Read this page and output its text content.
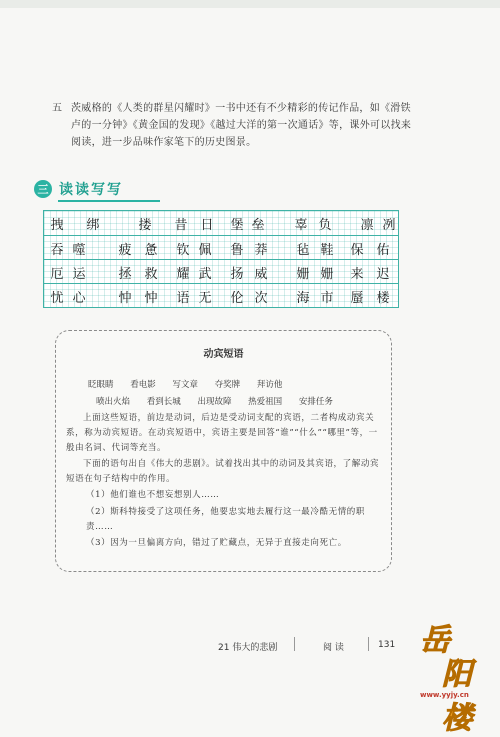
五 茨威格的《人类的群星闪耀时》一书中还有不少精彩的传记作品，如《滑铁卢的一分钟》《黄金国的发现》《越过大洋的第一次通话》等，课外可以找来阅读，进一步品味作家笔下的历史图景。
三 读读写写
拽 绑	搂 昔 日 堡 垒 辜 负 凛 冽
吞 噬	疲 惫 钦 佩 鲁 莽 毡 鞋 保 佑
厄 运	拯 救 耀 武 扬 威 姗 姗 来 迟
忧 心	忡 忡 语 无 伦 次 海 市 蜃 楼
动宾短语
眨眼睛 看电影 写文章 夺奖牌 拜访他
喷出火焰 看到长城 出现故障 热爱祖国 安排任务
上面这些短语，前边是动词，后边是受动词支配的宾语，二者构成动宾关系，称为动宾短语。在动宾短语中，宾语主要是回答“谁”“什么”“哪里”等，一般由名词、代词等充当。
下面的语句出自《伟大的悲剧》。试着找出其中的动词及其宾语，了解动宾短语在句子结构中的作用。
（1）他们谁也不想妄想别人……
（2）斯科特接受了这项任务，他要忠实地去履行这一最冷酷无情的职责……
（3）因为一旦偏离方向，错过了贮藏点，无异于直接走向死亡。
21 伟大的悲剧	阅 读	131 岳
阳楼
www.yyjy.cn
